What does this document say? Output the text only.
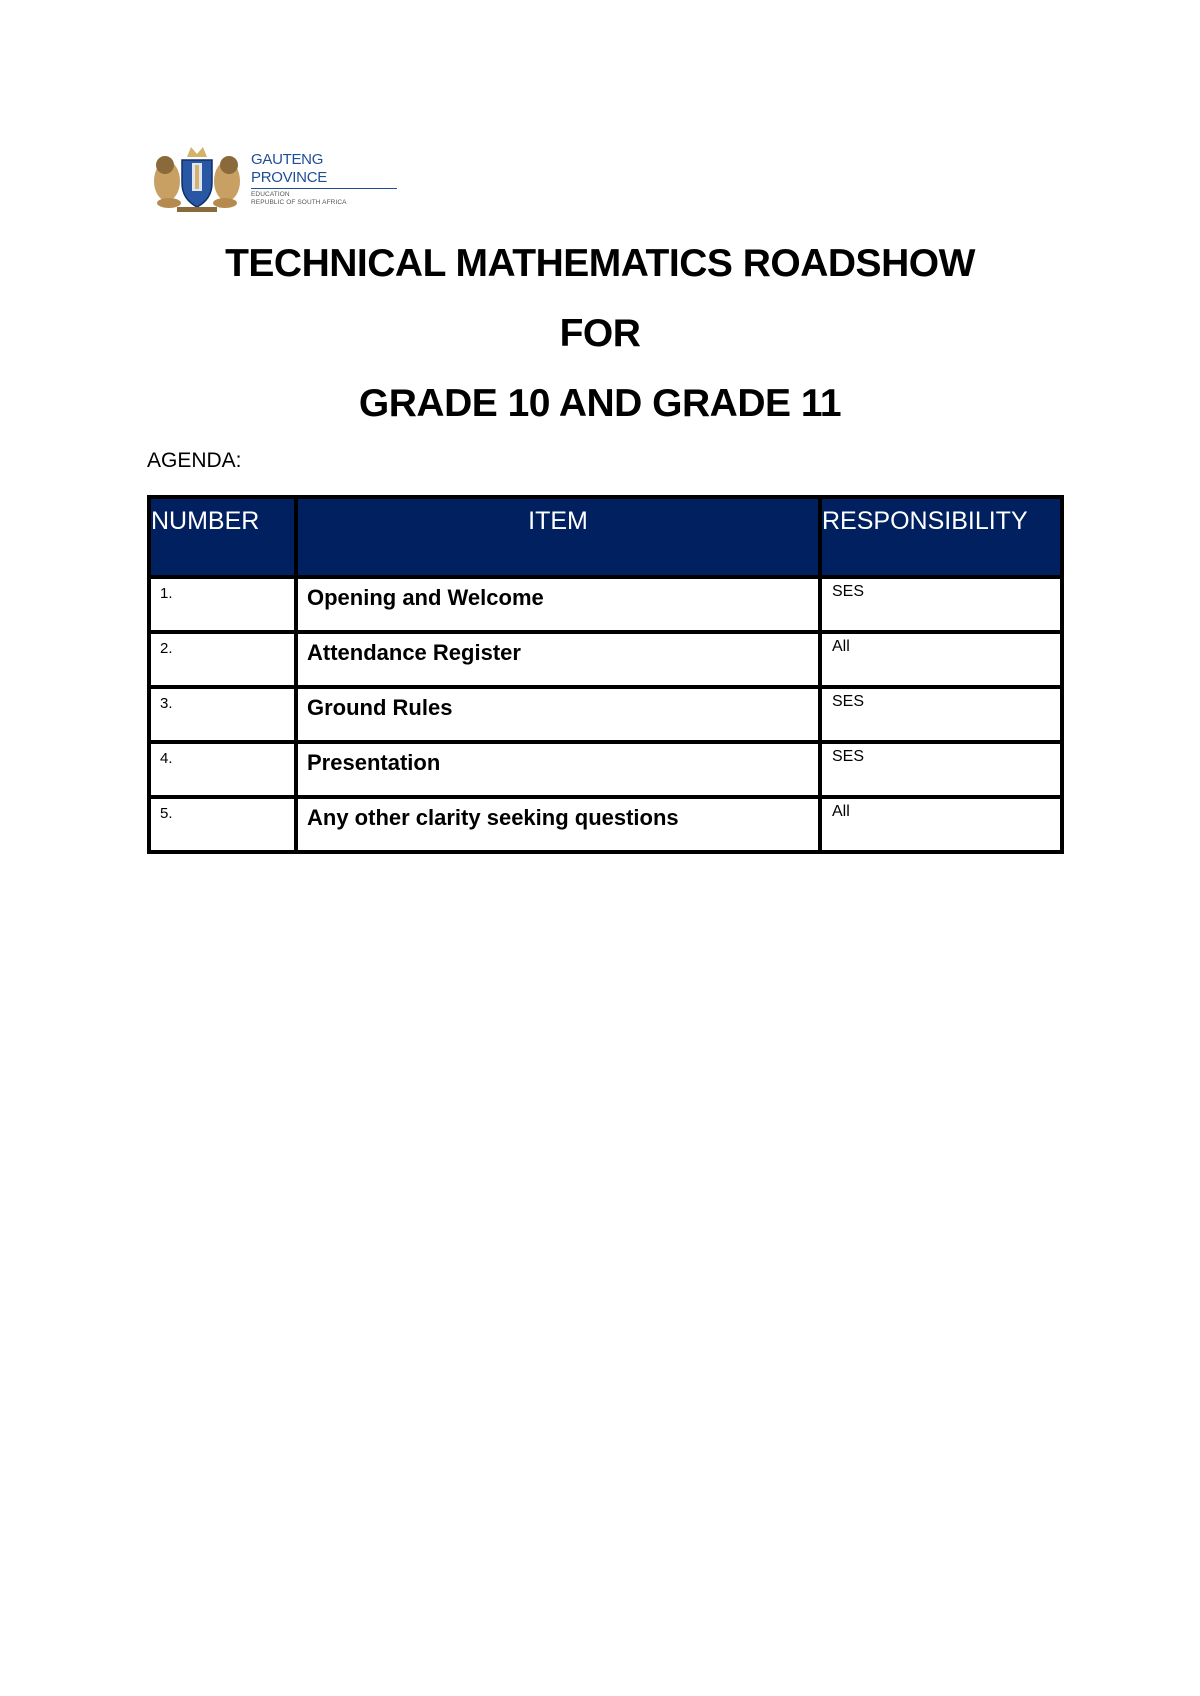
GAUTENG PROVINCE
EDUCATION
REPUBLIC OF SOUTH AFRICA
TECHNICAL MATHEMATICS ROADSHOW
FOR
GRADE 10 AND GRADE 11
AGENDA:
NUMBER	ITEM	RESPONSIBILITY
1.	Opening and Welcome	SES
2.	Attendance Register	All
3.	Ground Rules	SES
4.	Presentation	SES
5.	Any other clarity seeking questions	All
